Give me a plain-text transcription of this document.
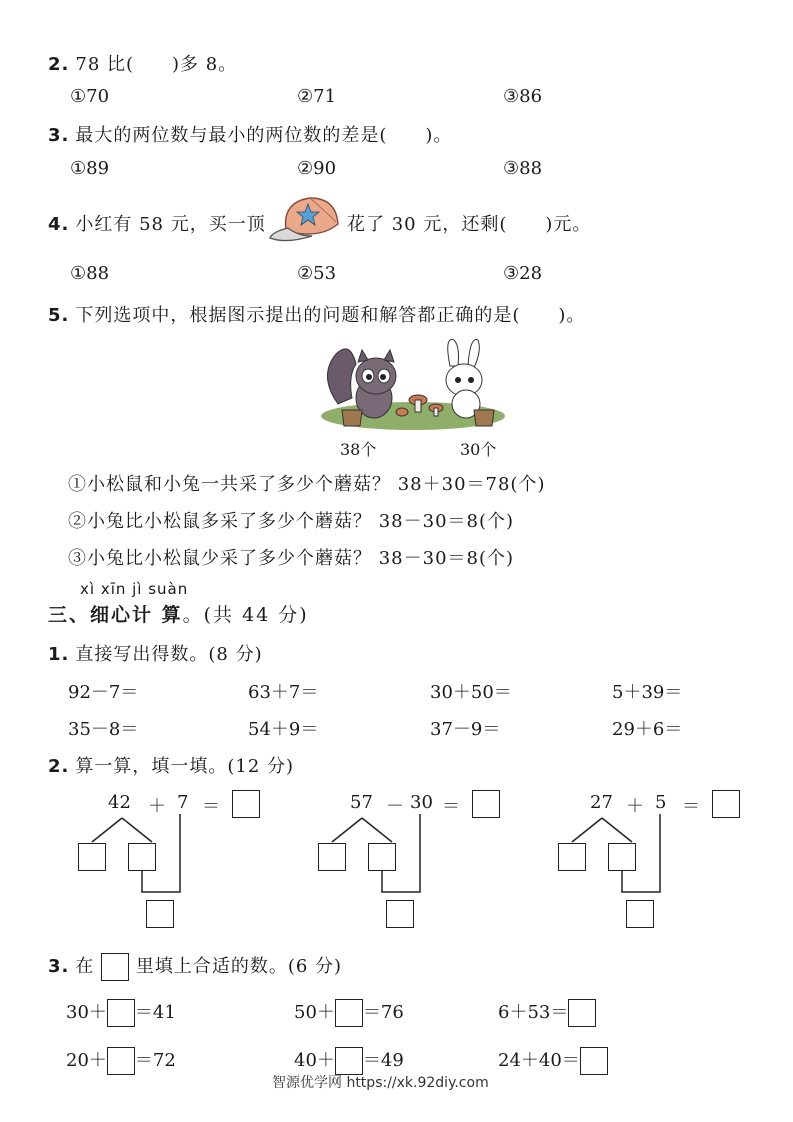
2. 78 比(　　)多 8。
①70	②71	③86
3. 最大的两位数与最小的两位数的差是(　　)。
①89	②90	③88
4. 小红有 58 元，买一顶	花了 30 元，还剩(　　)元。
①88	②53	③28
5. 下列选项中，根据图示提出的问题和解答都正确的是(　　)。
38个	30个
①小松鼠和小兔一共采了多少个蘑菇？ 38＋30＝78(个)
②小兔比小松鼠多采了多少个蘑菇？ 38－30＝8(个)
③小兔比小松鼠少采了多少个蘑菇？ 38－30＝8(个)
xì xīn jì suàn
三、细心计 算。(共 44 分)
1. 直接写出得数。(8 分)
92－7＝	63＋7＝	30＋50＝	5＋39＝
35－8＝	54＋9＝	37－9＝	29＋6＝
2. 算一算，填一填。(12 分)
42 ＋ 7 ＝	57 － 30 ＝	27 ＋ 5 ＝
3. 在 里填上合适的数。(6 分)
30＋ ＝41	50＋ ＝76	6＋53＝
20＋ ＝72	40＋ ＝49	24＋40＝
智源优学网 https://xk.92diy.com
